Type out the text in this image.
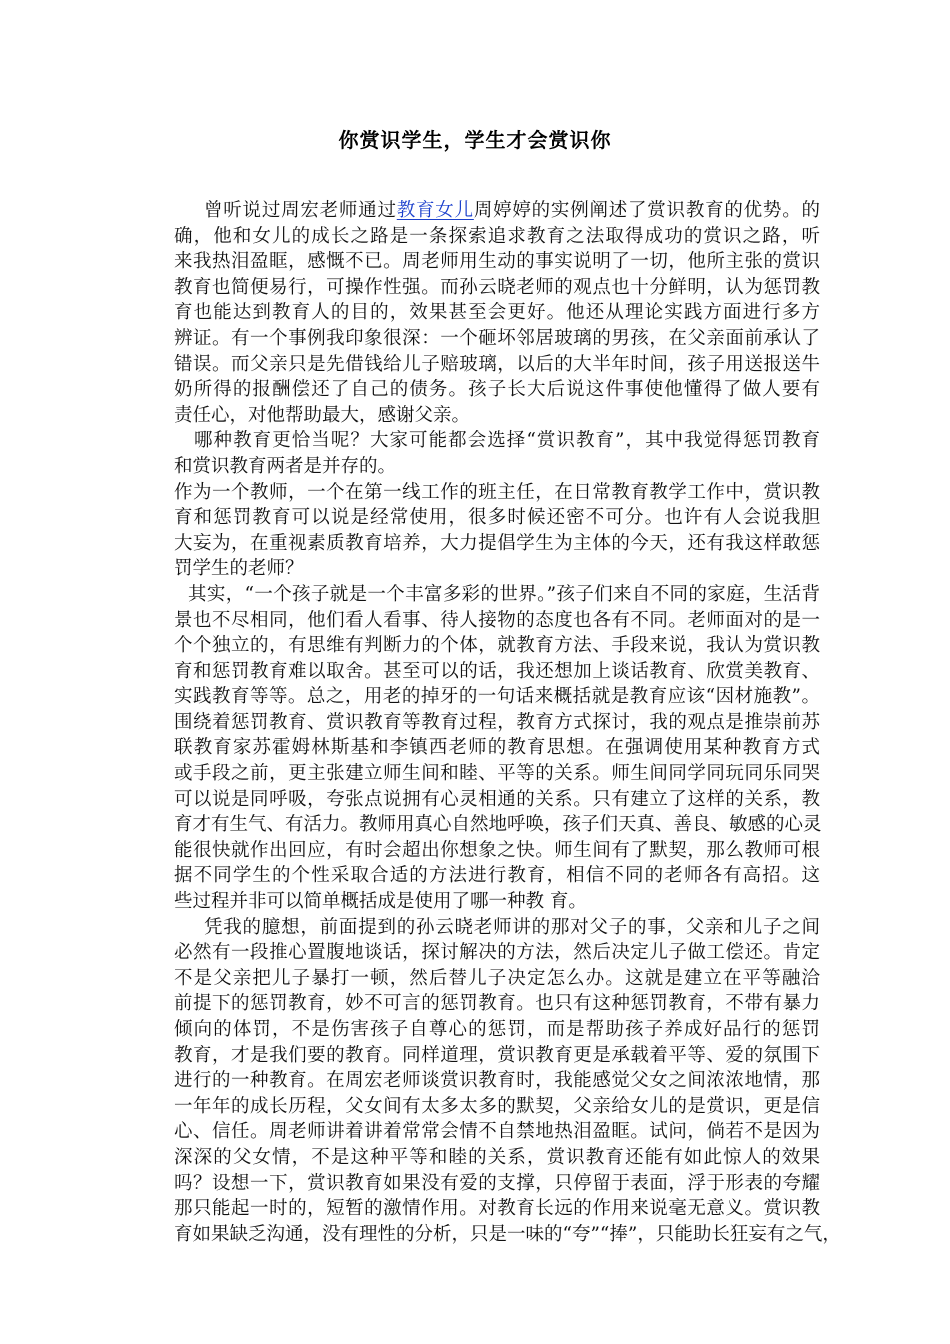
你赏识学生，学生才会赏识你
曾听说过周宏老师通过教育女儿周婷婷的实例阐述了赏识教育的优势。的
确，他和女儿的成长之路是一条探索追求教育之法取得成功的赏识之路，听
来我热泪盈眶，感慨不已。周老师用生动的事实说明了一切，他所主张的赏识
教育也简便易行，可操作性强。而孙云晓老师的观点也十分鲜明，认为惩罚教
育也能达到教育人的目的，效果甚至会更好。他还从理论实践方面进行多方
辨证。有一个事例我印象很深：一个砸坏邻居玻璃的男孩，在父亲面前承认了
错误。而父亲只是先借钱给儿子赔玻璃，以后的大半年时间，孩子用送报送牛
奶所得的报酬偿还了自己的债务。孩子长大后说这件事使他懂得了做人要有
责任心，对他帮助最大，感谢父亲。
哪种教育更恰当呢？大家可能都会选择“赏识教育”，其中我觉得惩罚教育
和赏识教育两者是并存的。
作为一个教师，一个在第一线工作的班主任，在日常教育教学工作中，赏识教
育和惩罚教育可以说是经常使用，很多时候还密不可分。也许有人会说我胆
大妄为，在重视素质教育培养，大力提倡学生为主体的今天，还有我这样敢惩
罚学生的老师？
其实，“一个孩子就是一个丰富多彩的世界。”孩子们来自不同的家庭，生活背
景也不尽相同，他们看人看事、待人接物的态度也各有不同。老师面对的是一
个个独立的，有思维有判断力的个体，就教育方法、手段来说，我认为赏识教
育和惩罚教育难以取舍。甚至可以的话，我还想加上谈话教育、欣赏美教育、
实践教育等等。总之，用老的掉牙的一句话来概括就是教育应该“因材施教”。
围绕着惩罚教育、赏识教育等教育过程，教育方式探讨，我的观点是推崇前苏
联教育家苏霍姆林斯基和李镇西老师的教育思想。在强调使用某种教育方式
或手段之前，更主张建立师生间和睦、平等的关系。师生间同学同玩同乐同哭
可以说是同呼吸，夸张点说拥有心灵相通的关系。只有建立了这样的关系，教
育才有生气、有活力。教师用真心自然地呼唤，孩子们天真、善良、敏感的心灵
能很快就作出回应，有时会超出你想象之快。师生间有了默契，那么教师可根
据不同学生的个性采取合适的方法进行教育，相信不同的老师各有高招。这
些过程并非可以简单概括成是使用了哪一种教 育。
凭我的臆想，前面提到的孙云晓老师讲的那对父子的事，父亲和儿子之间
必然有一段推心置腹地谈话，探讨解决的方法，然后决定儿子做工偿还。肯定
不是父亲把儿子暴打一顿，然后替儿子决定怎么办。这就是建立在平等融洽
前提下的惩罚教育，妙不可言的惩罚教育。也只有这种惩罚教育，不带有暴力
倾向的体罚，不是伤害孩子自尊心的惩罚，而是帮助孩子养成好品行的惩罚
教育，才是我们要的教育。同样道理，赏识教育更是承载着平等、爱的氛围下
进行的一种教育。在周宏老师谈赏识教育时，我能感觉父女之间浓浓地情，那
一年年的成长历程，父女间有太多太多的默契，父亲给女儿的是赏识，更是信
心、信任。周老师讲着讲着常常会情不自禁地热泪盈眶。试问，倘若不是因为
深深的父女情，不是这种平等和睦的关系，赏识教育还能有如此惊人的效果
吗？设想一下，赏识教育如果没有爱的支撑，只停留于表面，浮于形表的夸耀
那只能起一时的，短暂的激情作用。对教育长远的作用来说毫无意义。赏识教
育如果缺乏沟通，没有理性的分析，只是一味的“夸”“捧”，只能助长狂妄有之气，
